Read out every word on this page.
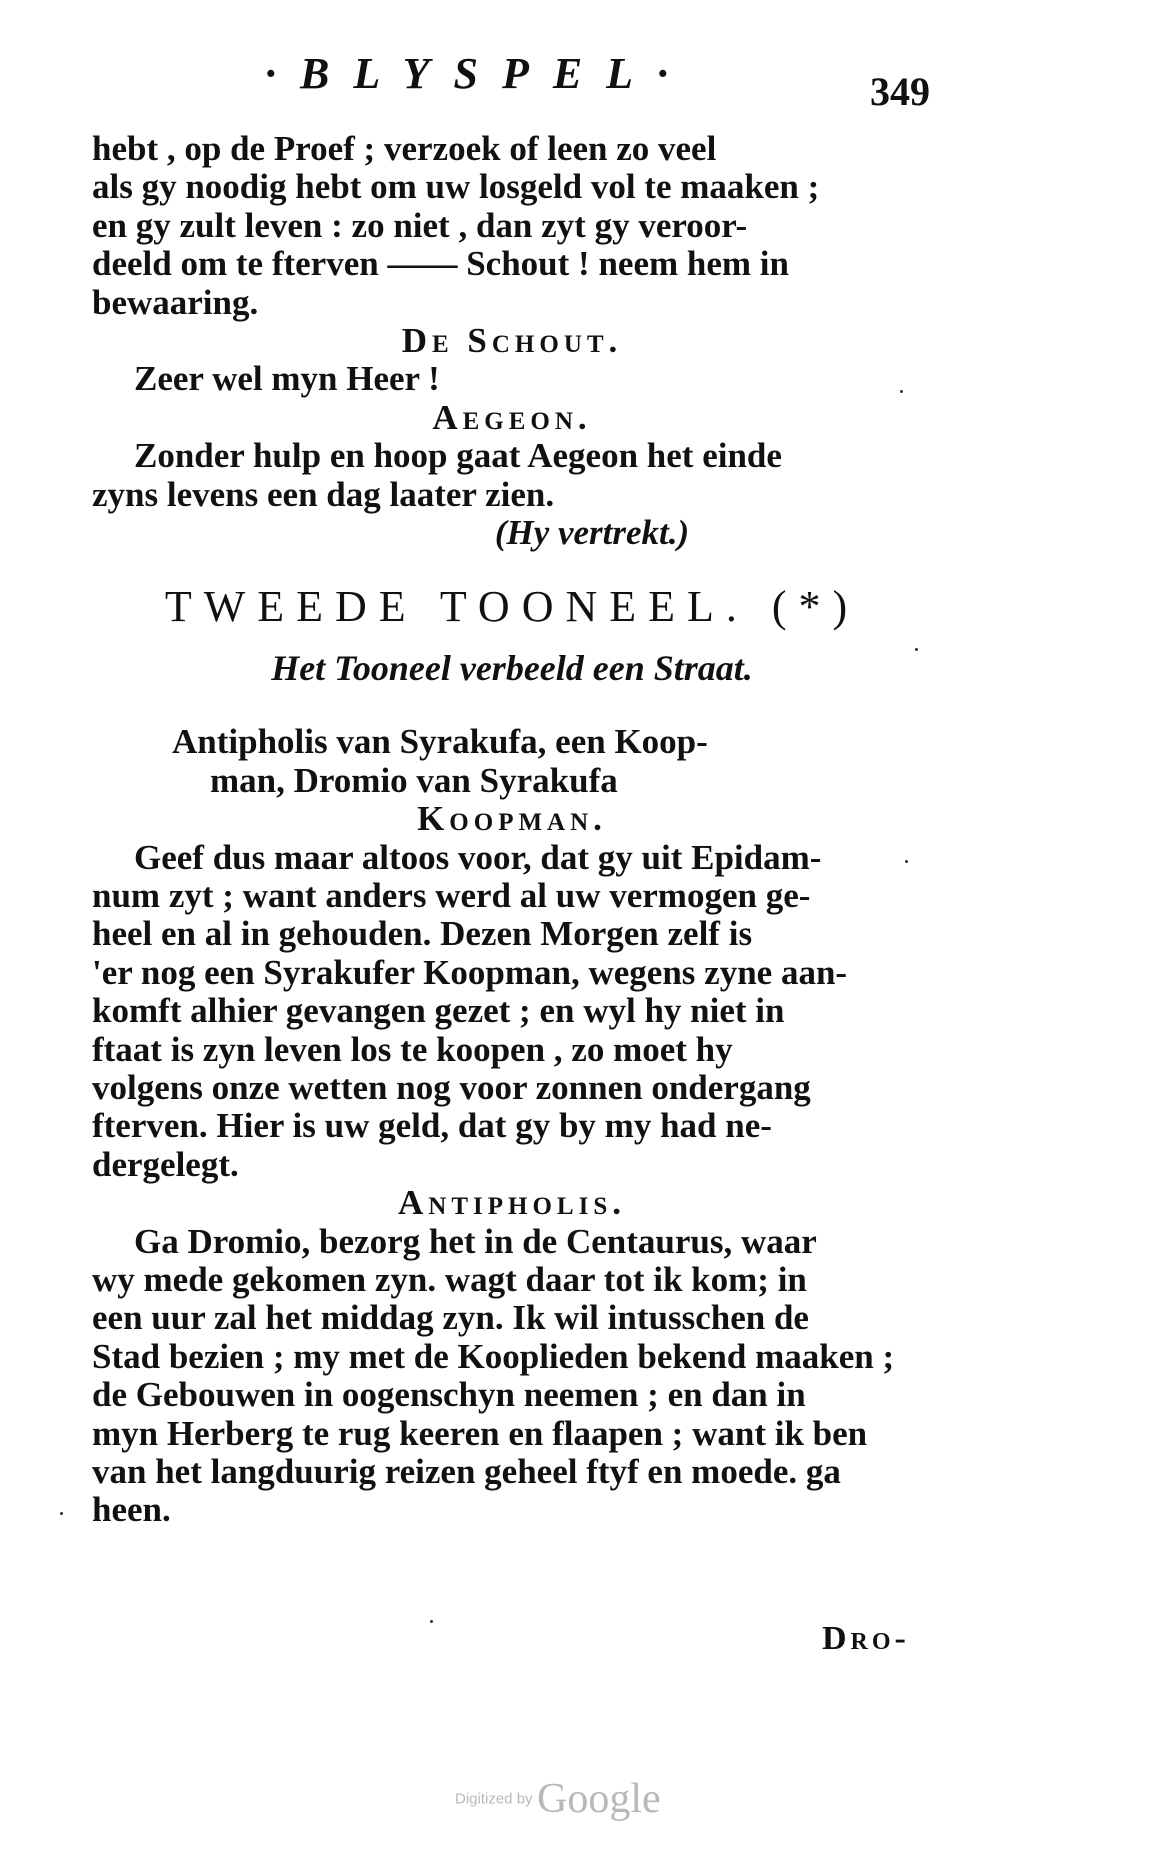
·BLYSPEL·	349
hebt , op de Proef ; verzoek of leen zo veel
als gy noodig hebt om uw losgeld vol te maaken ;
en gy zult leven : zo niet , dan zyt gy veroor-
deeld om te fterven —— Schout ! neem hem in
bewaaring.
De Schout.
Zeer wel myn Heer !
Aegeon.
Zonder hulp en hoop gaat Aegeon het einde
zyns levens een dag laater zien.
(Hy vertrekt.)
TWEEDE TOONEEL. (*)
Het Tooneel verbeeld een Straat.
Antipholis van Syrakufa, een Koop-
man, Dromio van Syrakufa
Koopman.
Geef dus maar altoos voor, dat gy uit Epidam-
num zyt ; want anders werd al uw vermogen ge-
heel en al in gehouden. Dezen Morgen zelf is
'er nog een Syrakufer Koopman, wegens zyne aan-
komft alhier gevangen gezet ; en wyl hy niet in
ftaat is zyn leven los te koopen , zo moet hy
volgens onze wetten nog voor zonnen ondergang
fterven. Hier is uw geld, dat gy by my had ne-
dergelegt.
Antipholis.
Ga Dromio, bezorg het in de Centaurus, waar
wy mede gekomen zyn. wagt daar tot ik kom; in
een uur zal het middag zyn. Ik wil intusschen de
Stad bezien ; my met de Kooplieden bekend maaken ;
de Gebouwen in oogenschyn neemen ; en dan in
myn Herberg te rug keeren en flaapen ; want ik ben
van het langduurig reizen geheel ftyf en moede. ga
heen.
Dro-
Digitized by Google
